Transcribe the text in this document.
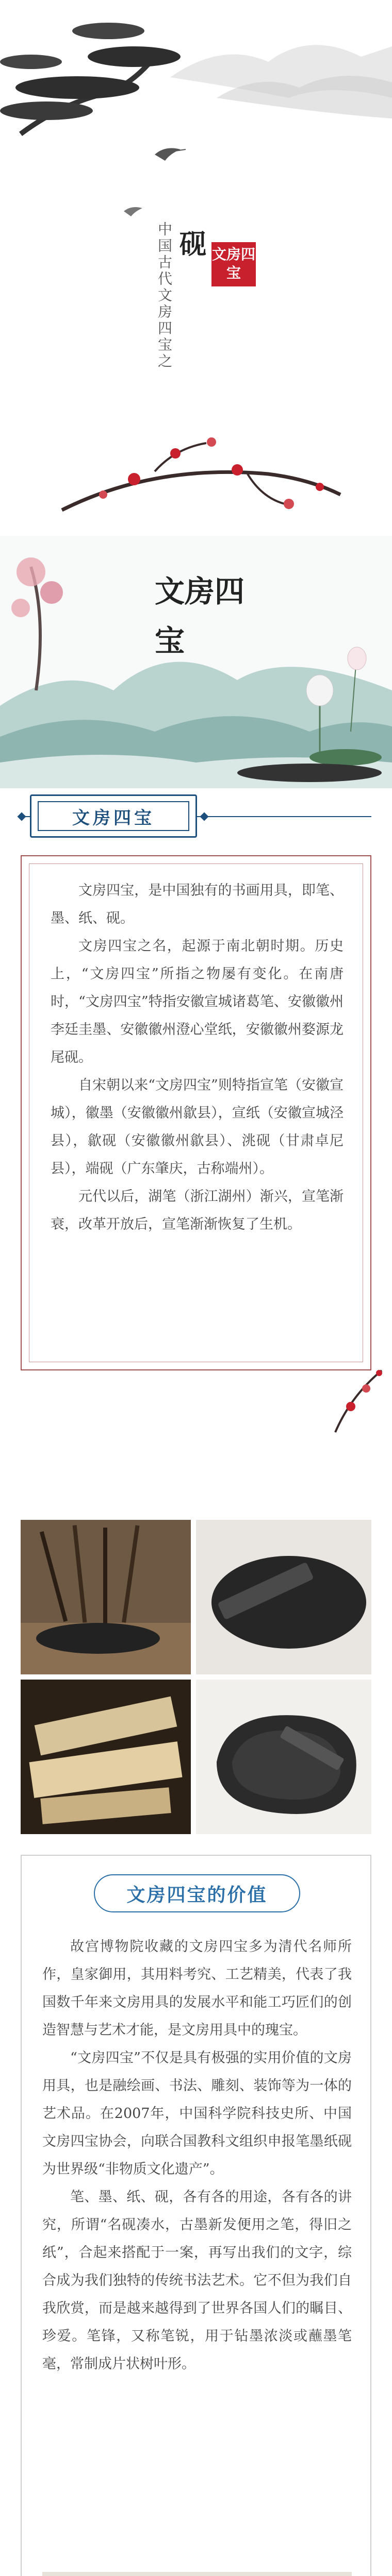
中国古代文房四宝之 砚 文房四宝
文房四宝
文房四宝

文房四宝，是中国独有的书画用具，即笔、墨、纸、砚。

文房四宝之名，起源于南北朝时期。历史上，“文房四宝”所指之物屡有变化。在南唐时，“文房四宝”特指安徽宣城诸葛笔、安徽徽州李廷圭墨、安徽徽州澄心堂纸，安徽徽州婺源龙尾砚。

自宋朝以来“文房四宝”则特指宣笔（安徽宣城），徽墨（安徽徽州歙县），宣纸（安徽宣城泾县），歙砚（安徽徽州歙县）、洮砚（甘肃卓尼县），端砚（广东肇庆，古称端州）。

元代以后，湖笔（浙江湖州）渐兴，宣笔渐衰，改革开放后，宣笔渐渐恢复了生机。

文房四宝的价值

故宫博物院收藏的文房四宝多为清代名师所作，皇家御用，其用料考究、工艺精美，代表了我国数千年来文房用具的发展水平和能工巧匠们的创造智慧与艺术才能，是文房用具中的瑰宝。

“文房四宝”不仅是具有极强的实用价值的文房用具，也是融绘画、书法、雕刻、装饰等为一体的艺术品。在2007年，中国科学院科技史所、中国文房四宝协会，向联合国教科文组织申报笔墨纸砚为世界级“非物质文化遗产”。

笔、墨、纸、砚，各有各的用途，各有各的讲究，所谓“名砚凑水，古墨新发便用之笔，得旧之纸”，合起来搭配于一案，再写出我们的文字，综合成为我们独特的传统书法艺术。它不但为我们自我欣赏，而是越来越得到了世界各国人们的瞩目、珍爱。笔锋，又称笔锐，用于钻墨浓淡或蘸墨笔毫，常制成片状树叶形。
